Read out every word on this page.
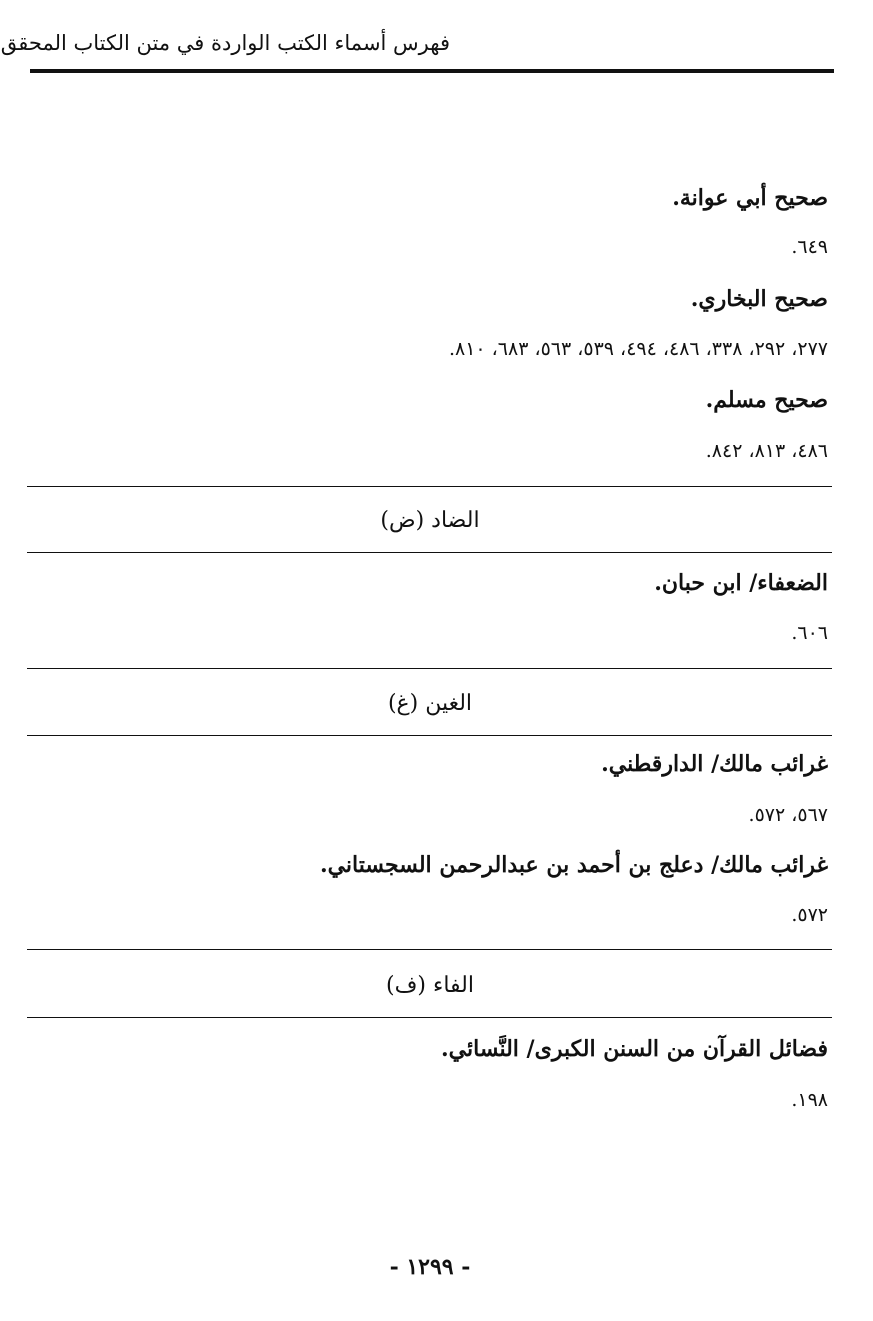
فهرس أسماء الكتب الواردة في متن الكتاب المحقق
صحيح أبي عوانة.
٦٤٩.
صحيح البخاري.
٢٧٧، ٢٩٢، ٣٣٨، ٤٨٦، ٤٩٤، ٥٣٩، ٥٦٣، ٦٨٣، ٨١٠.
صحيح مسلم.
٤٨٦، ٨١٣، ٨٤٢.
الضاد (ض)
الضعفاء/ ابن حبان.
٦٠٦.
الغين (غ)
غرائب مالك/ الدارقطني.
٥٦٧، ٥٧٢.
غرائب مالك/ دعلج بن أحمد بن عبدالرحمن السجستاني.
٥٧٢.
الفاء (ف)
فضائل القرآن من السنن الكبرى/ النَّسائي.
١٩٨.
- ١٢٩٩ -
